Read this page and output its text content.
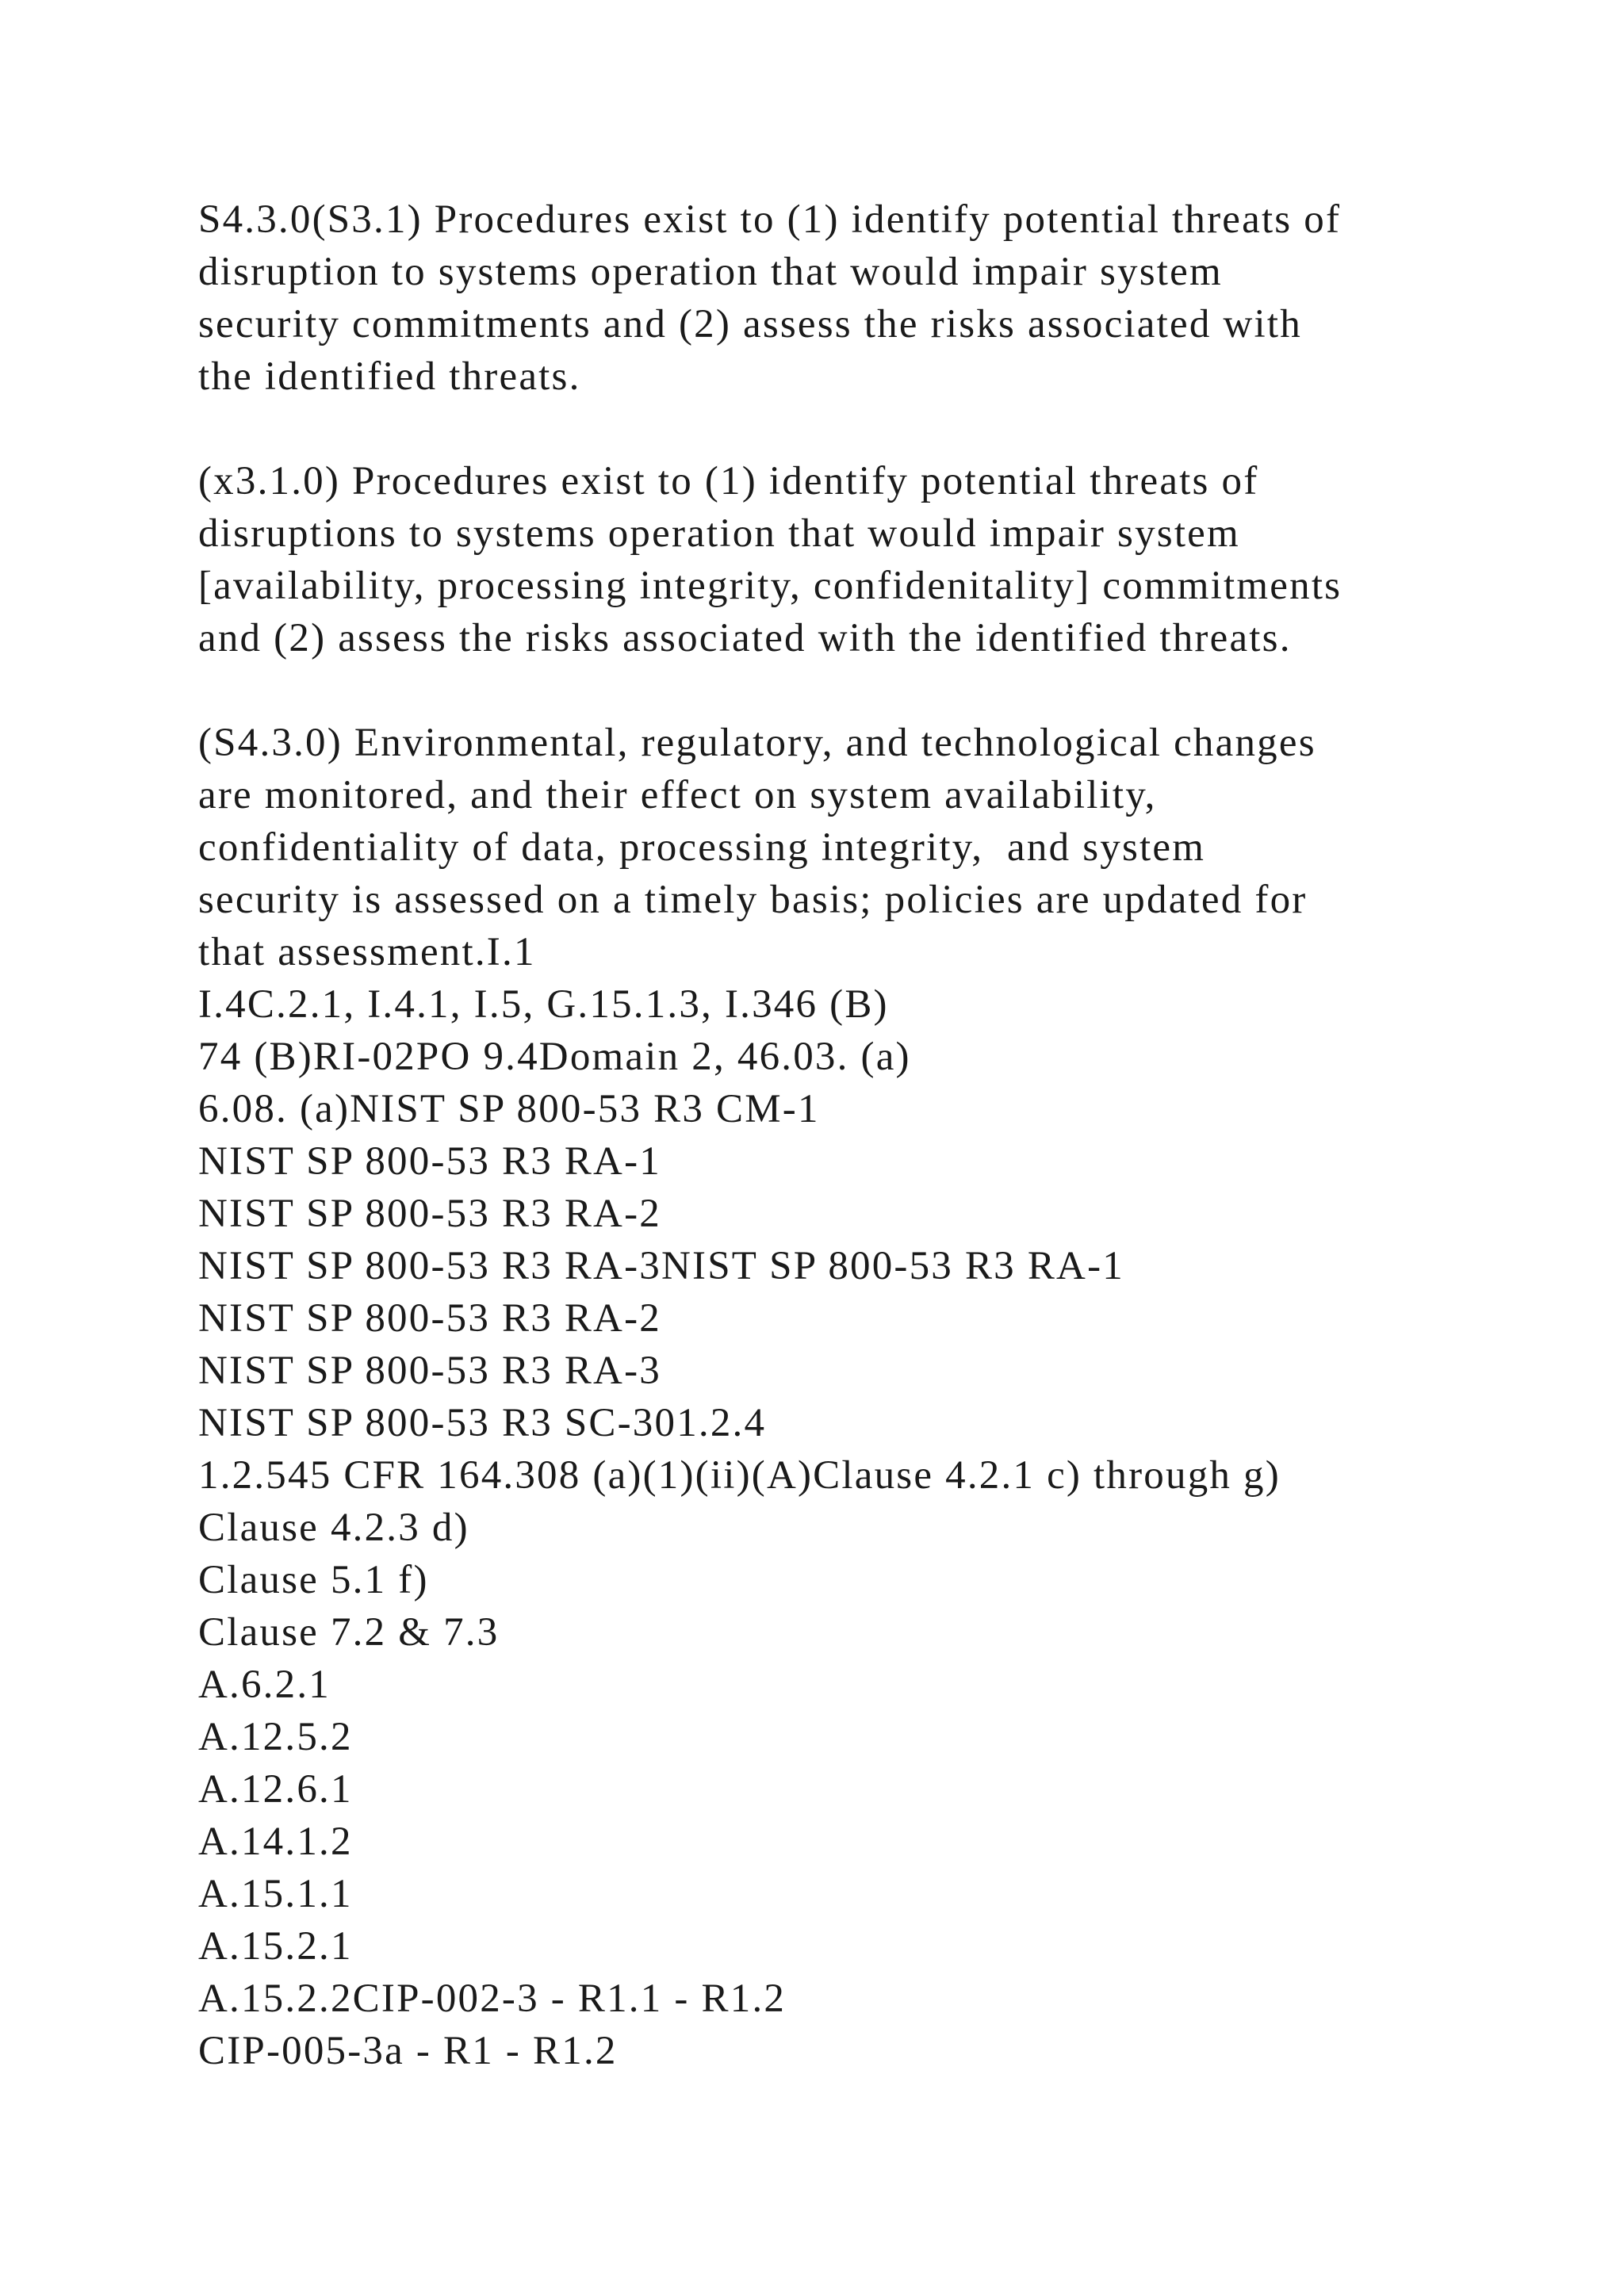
S4.3.0(S3.1) Procedures exist to (1) identify potential threats of
disruption to systems operation that would impair system
security commitments and (2) assess the risks associated with
the identified threats.
(x3.1.0) Procedures exist to (1) identify potential threats of
disruptions to systems operation that would impair system
[availability, processing integrity, confidenitality] commitments
and (2) assess the risks associated with the identified threats.
(S4.3.0) Environmental, regulatory, and technological changes
are monitored, and their effect on system availability,
confidentiality of data, processing integrity,  and system
security is assessed on a timely basis; policies are updated for
that assessment.I.1
I.4C.2.1, I.4.1, I.5, G.15.1.3, I.346 (B)
74 (B)RI-02PO 9.4Domain 2, 46.03. (a)
6.08. (a)NIST SP 800-53 R3 CM-1
NIST SP 800-53 R3 RA-1
NIST SP 800-53 R3 RA-2
NIST SP 800-53 R3 RA-3NIST SP 800-53 R3 RA-1
NIST SP 800-53 R3 RA-2
NIST SP 800-53 R3 RA-3
NIST SP 800-53 R3 SC-301.2.4
1.2.545 CFR 164.308 (a)(1)(ii)(A)Clause 4.2.1 c) through g)
Clause 4.2.3 d)
Clause 5.1 f)
Clause 7.2 & 7.3
A.6.2.1
A.12.5.2
A.12.6.1
A.14.1.2
A.15.1.1
A.15.2.1
A.15.2.2CIP-002-3 - R1.1 - R1.2
CIP-005-3a - R1 - R1.2
